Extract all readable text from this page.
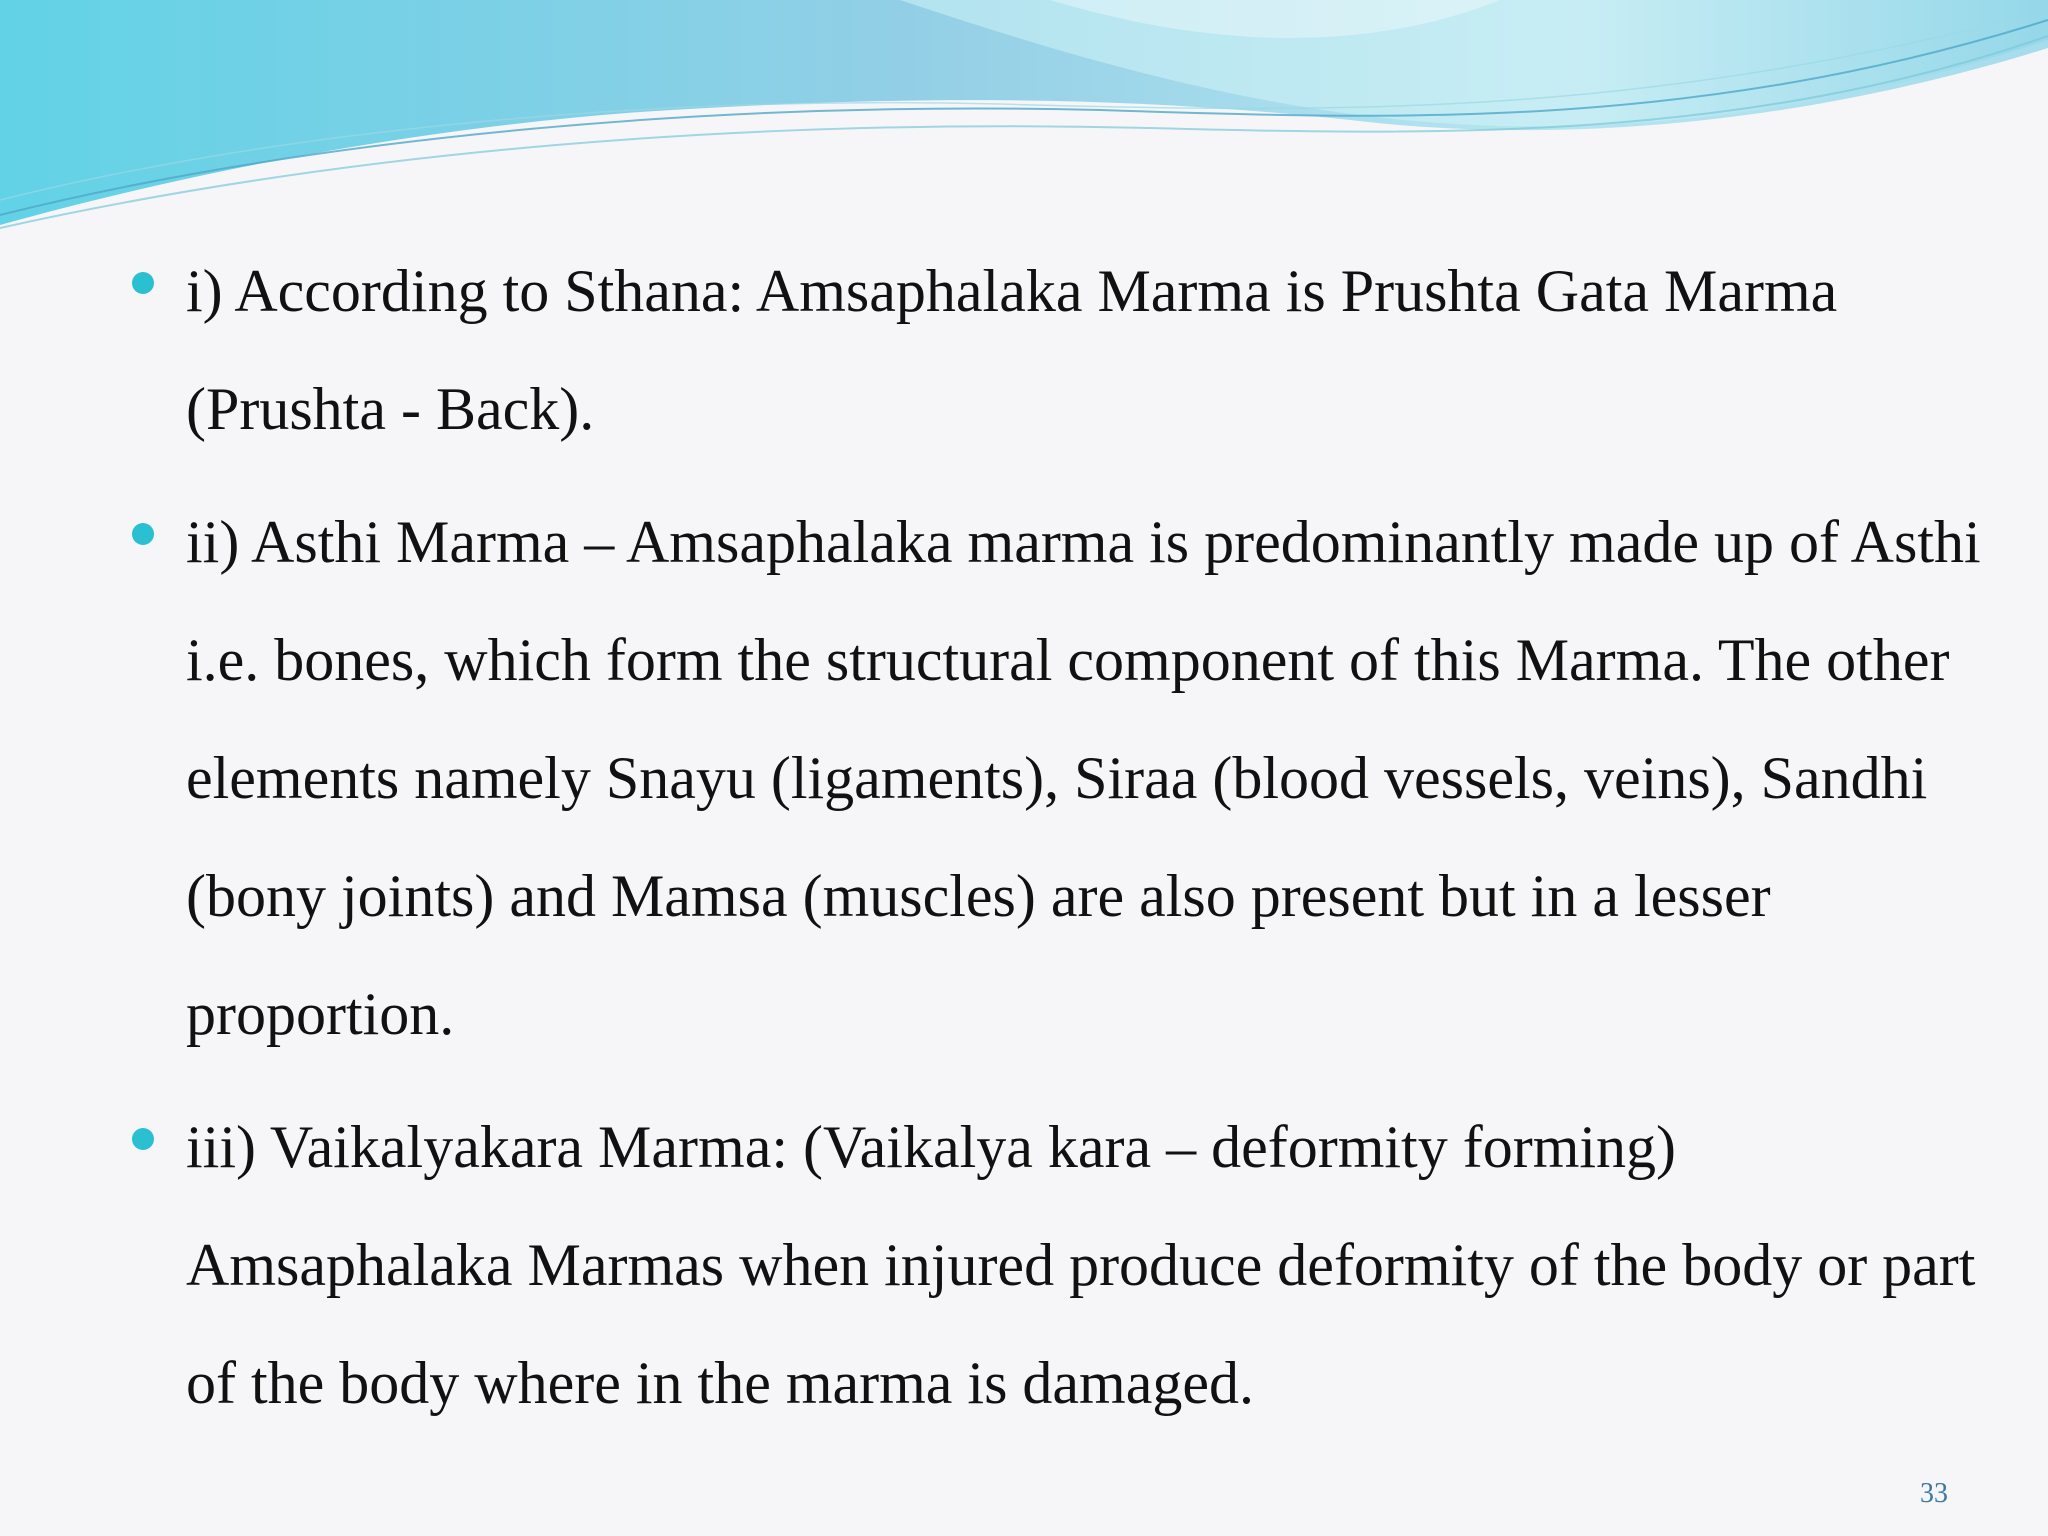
i) According to Sthana: Amsaphalaka Marma is Prushta Gata Marma (Prushta - Back).

ii) Asthi Marma – Amsaphalaka marma is predominantly made up of Asthi i.e. bones, which form the structural component of this Marma. The other elements namely Snayu (ligaments), Siraa (blood vessels, veins), Sandhi (bony joints) and Mamsa (muscles) are also present but in a lesser proportion.

iii) Vaikalyakara Marma: (Vaikalya kara – deformity forming) Amsaphalaka Marmas when injured produce deformity of the body or part of the body where in the marma is damaged.

33
